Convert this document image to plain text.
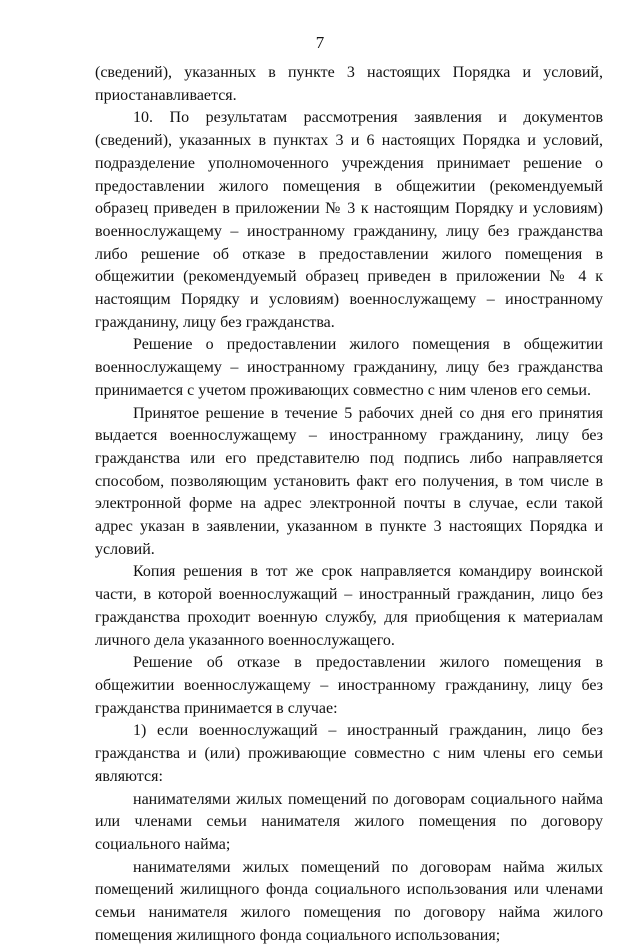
7

(сведений), указанных в пункте 3 настоящих Порядка и условий, приостанавливается.

10. По результатам рассмотрения заявления и документов (сведений), указанных в пунктах 3 и 6 настоящих Порядка и условий, подразделение уполномоченного учреждения принимает решение о предоставлении жилого помещения в общежитии (рекомендуемый образец приведен в приложении № 3 к настоящим Порядку и условиям) военнослужащему – иностранному гражданину, лицу без гражданства либо решение об отказе в предоставлении жилого помещения в общежитии (рекомендуемый образец приведен в приложении № 4 к настоящим Порядку и условиям) военнослужащему – иностранному гражданину, лицу без гражданства.

Решение о предоставлении жилого помещения в общежитии военнослужащему – иностранному гражданину, лицу без гражданства принимается с учетом проживающих совместно с ним членов его семьи.

Принятое решение в течение 5 рабочих дней со дня его принятия выдается военнослужащему – иностранному гражданину, лицу без гражданства или его представителю под подпись либо направляется способом, позволяющим установить факт его получения, в том числе в электронной форме на адрес электронной почты в случае, если такой адрес указан в заявлении, указанном в пункте 3 настоящих Порядка и условий.

Копия решения в тот же срок направляется командиру воинской части, в которой военнослужащий – иностранный гражданин, лицо без гражданства проходит военную службу, для приобщения к материалам личного дела указанного военнослужащего.

Решение об отказе в предоставлении жилого помещения в общежитии военнослужащему – иностранному гражданину, лицу без гражданства принимается в случае:

1) если военнослужащий – иностранный гражданин, лицо без гражданства и (или) проживающие совместно с ним члены его семьи являются:

нанимателями жилых помещений по договорам социального найма или членами семьи нанимателя жилого помещения по договору социального найма;

нанимателями жилых помещений по договорам найма жилых помещений жилищного фонда социального использования или членами семьи нанимателя жилого помещения по договору найма жилого помещения жилищного фонда социального использования;
